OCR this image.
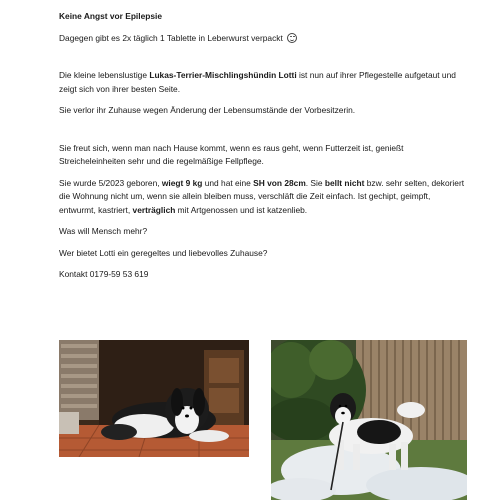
Keine Angst vor Epilepsie

Dagegen gibt es 2x täglich 1 Tablette in Leberwurst verpackt

Die kleine lebenslustige Lukas-Terrier-Mischlingshündin Lotti ist nun auf ihrer Pflegestelle aufgetaut und zeigt sich von ihrer besten Seite.

Sie verlor ihr Zuhause wegen Änderung der Lebensumstände der Vorbesitzerin.

Sie freut sich, wenn man nach Hause kommt, wenn es raus geht, wenn Futterzeit ist, genießt Streicheleinheiten sehr und die regelmäßige Fellpflege.

Sie wurde 5/2023 geboren, wiegt 9 kg und hat eine SH von 28cm. Sie bellt nicht bzw. sehr selten, dekoriert die Wohnung nicht um, wenn sie allein bleiben muss, verschläft die Zeit einfach. Ist gechipt, geimpft, entwurmt, kastriert, verträglich mit Artgenossen und ist katzenlieb.

Was will Mensch mehr?

Wer bietet Lotti ein geregeltes und liebevolles Zuhause?

Kontakt 0179-59 53 619
